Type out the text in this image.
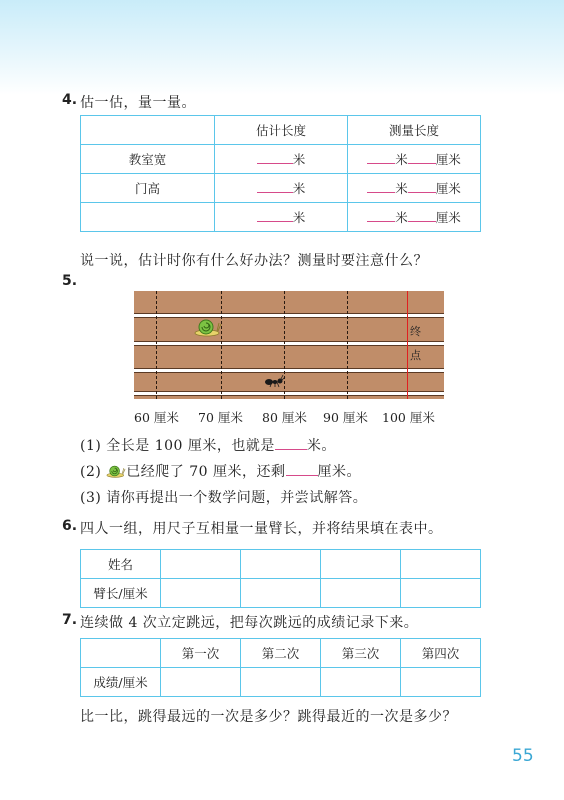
4. 估一估，量一量。
	估计长度	测量长度
教室宽	米	米 厘米
门高	米	米 厘米
	米	米 厘米
说一说，估计时你有什么好办法？测量时要注意什么？
5.
终
点
60 厘米 70 厘米 80 厘米 90 厘米 100 厘米
(1) 全长是 100 厘米，也就是 米。
(2) 已经爬了 70 厘米，还剩 厘米。
(3) 请你再提出一个数学问题，并尝试解答。
6. 四人一组，用尺子互相量一量臂长，并将结果填在表中。
姓名				
臂长/厘米				
7. 连续做 4 次立定跳远，把每次跳远的成绩记录下来。
	第一次	第二次	第三次	第四次
成绩/厘米				
比一比，跳得最远的一次是多少？跳得最近的一次是多少？
55
